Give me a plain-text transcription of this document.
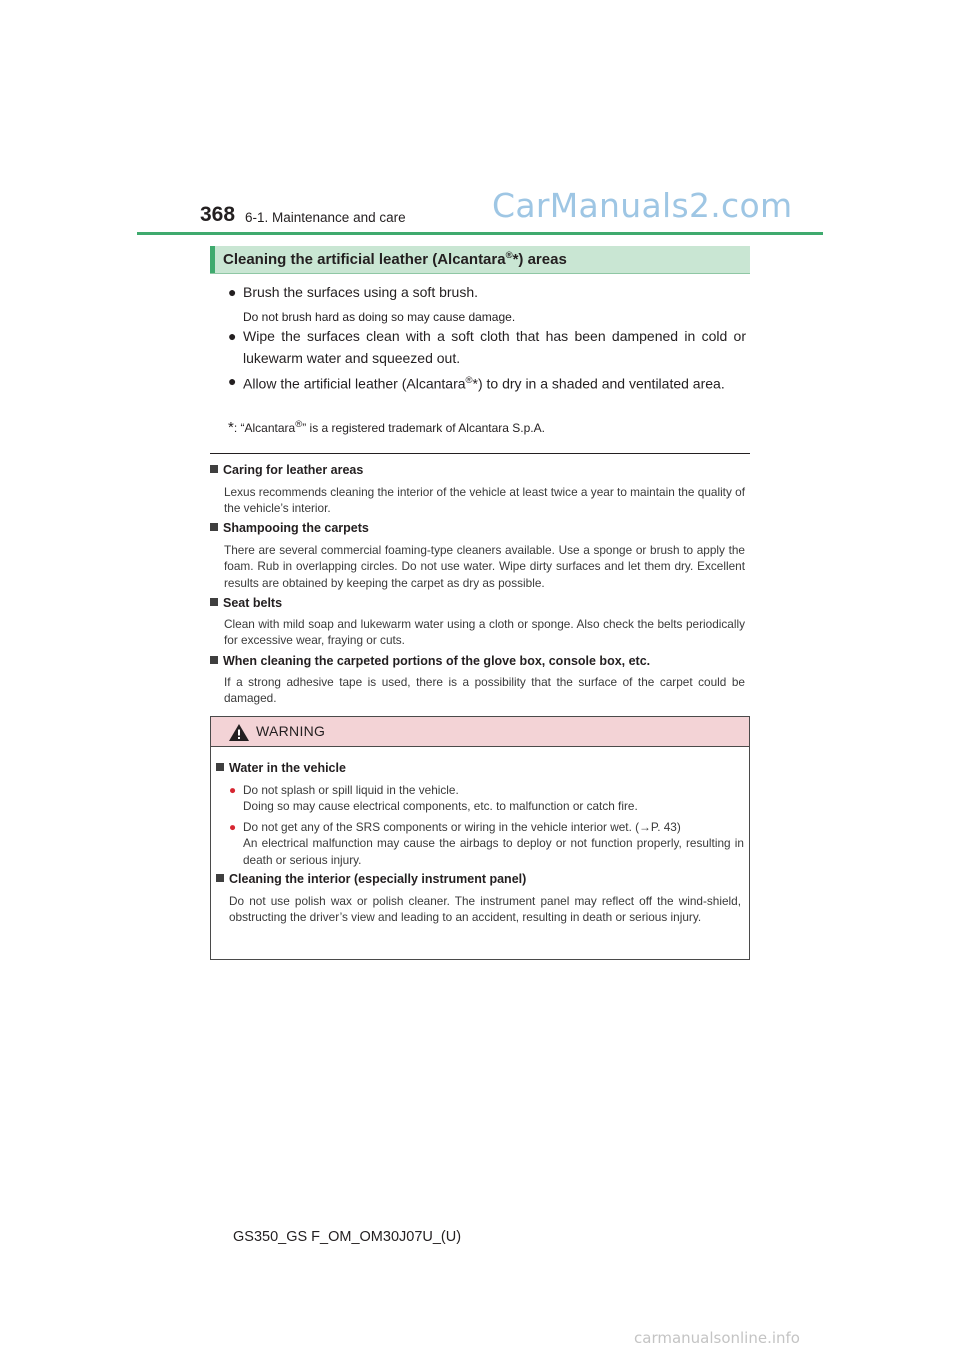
368 6-1. Maintenance and care	CarManuals2.com
Cleaning the artificial leather (Alcantara®*) areas
● Brush the surfaces using a soft brush.
Do not brush hard as doing so may cause damage.
● Wipe the surfaces clean with a soft cloth that has been dampened in cold or lukewarm water and squeezed out.
● Allow the artificial leather (Alcantara®*) to dry in a shaded and ventilated area.
*: “Alcantara®” is a registered trademark of Alcantara S.p.A.
Caring for leather areas
Lexus recommends cleaning the interior of the vehicle at least twice a year to maintain the quality of the vehicle’s interior.
Shampooing the carpets
There are several commercial foaming-type cleaners available. Use a sponge or brush to apply the foam. Rub in overlapping circles. Do not use water. Wipe dirty surfaces and let them dry. Excellent results are obtained by keeping the carpet as dry as possible.
Seat belts
Clean with mild soap and lukewarm water using a cloth or sponge. Also check the belts periodically for excessive wear, fraying or cuts.
When cleaning the carpeted portions of the glove box, console box, etc.
If a strong adhesive tape is used, there is a possibility that the surface of the carpet could be damaged.
WARNING
Water in the vehicle
● Do not splash or spill liquid in the vehicle.
Doing so may cause electrical components, etc. to malfunction or catch fire.
● Do not get any of the SRS components or wiring in the vehicle interior wet. (→P. 43)
An electrical malfunction may cause the airbags to deploy or not function properly, resulting in death or serious injury.
Cleaning the interior (especially instrument panel)
Do not use polish wax or polish cleaner. The instrument panel may reflect off the wind-shield, obstructing the driver’s view and leading to an accident, resulting in death or serious injury.
GS350_GS F_OM_OM30J07U_(U)
carmanualsonline.info
